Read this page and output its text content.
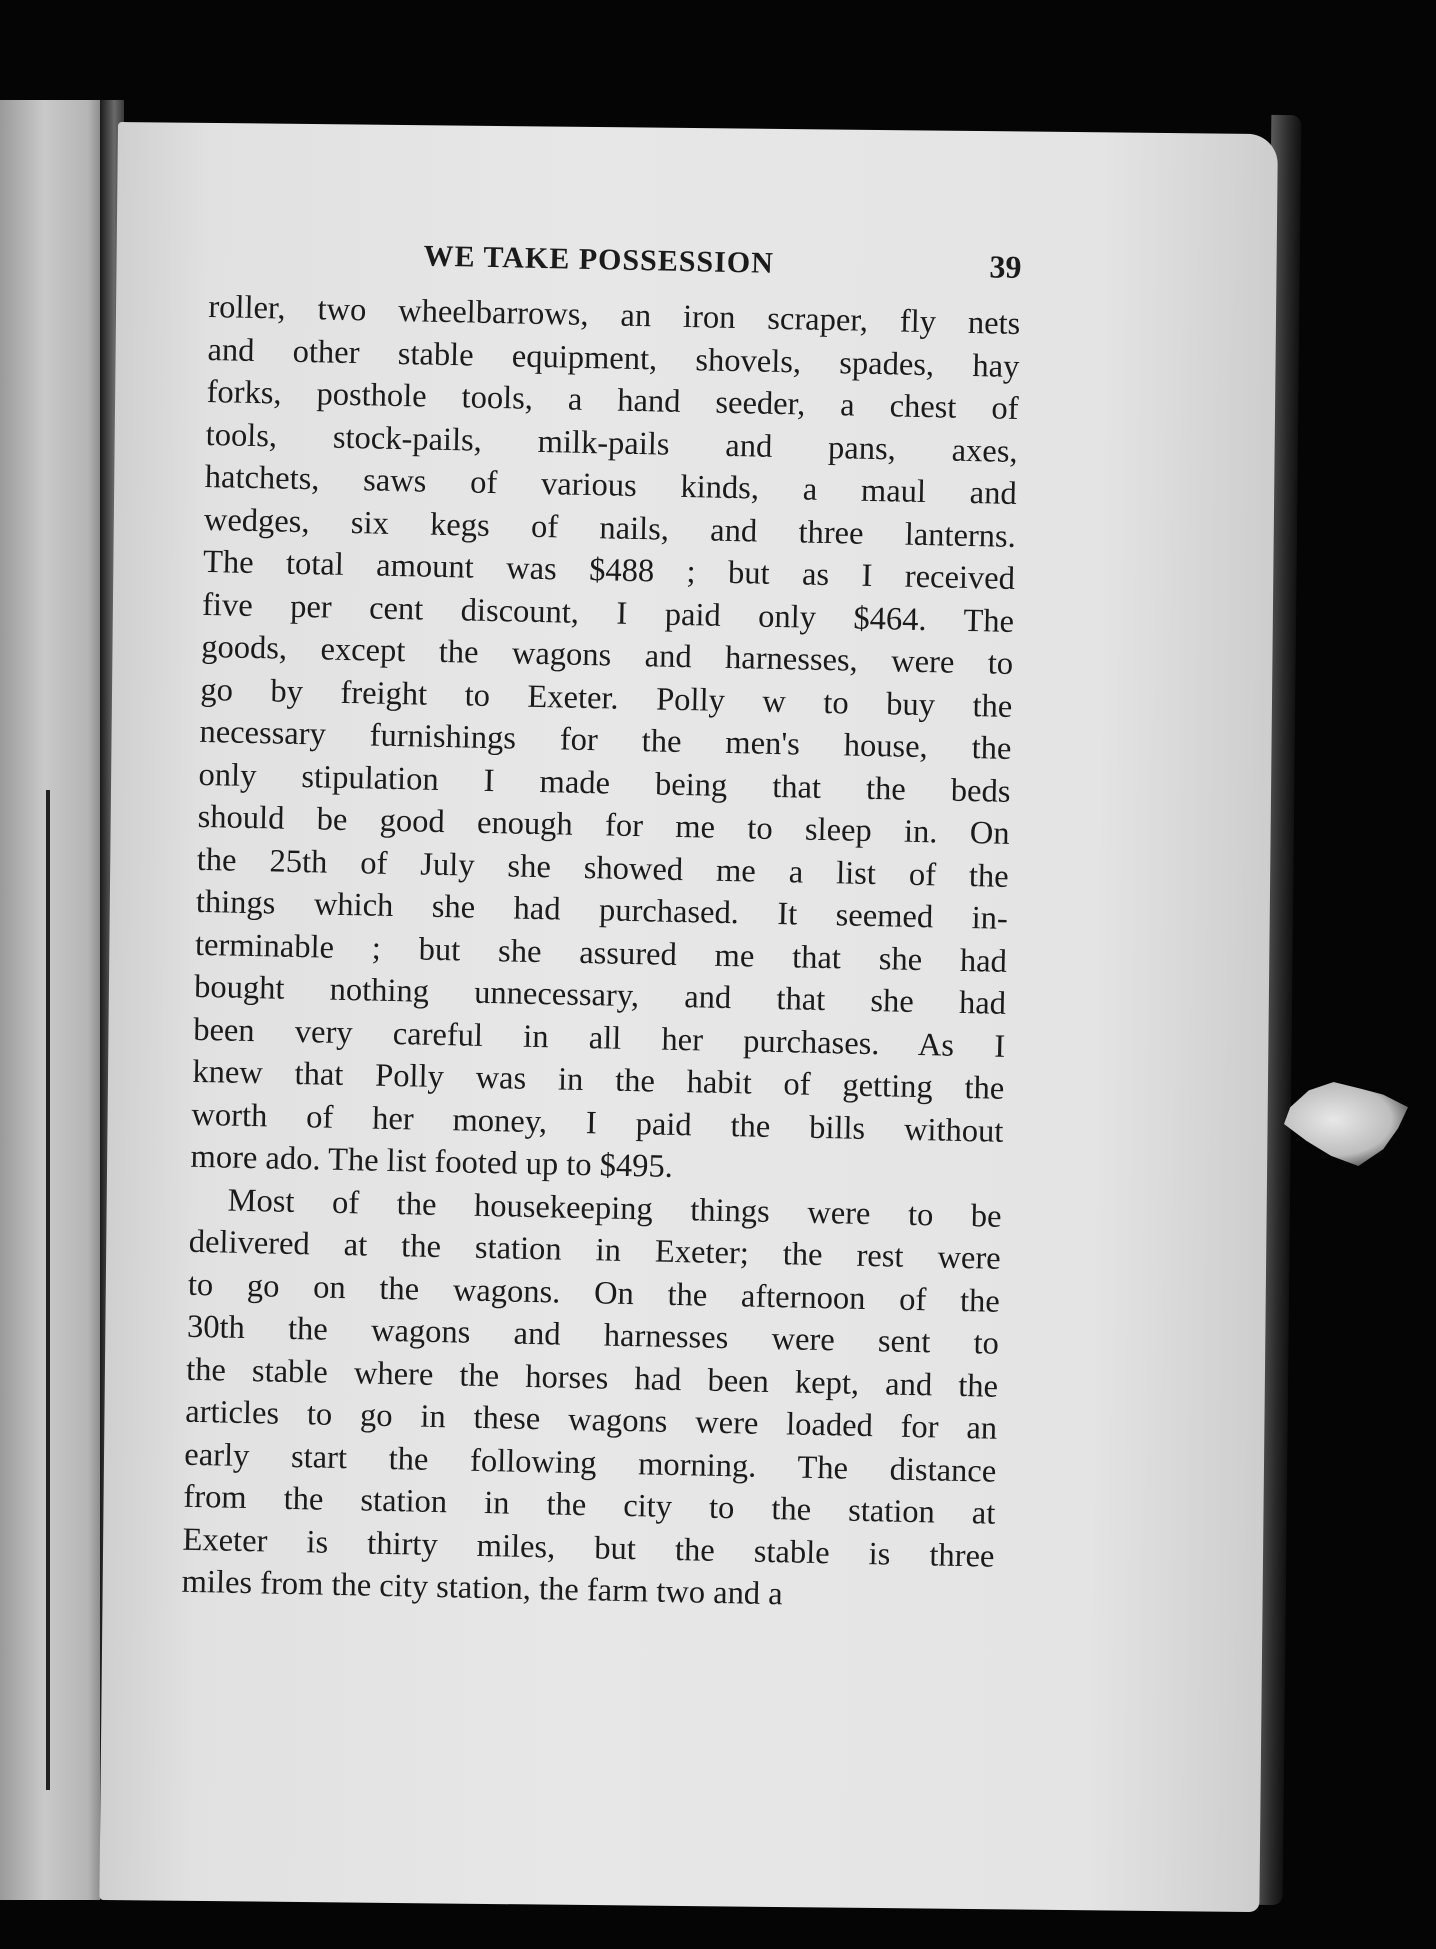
WE TAKE POSSESSION	39

roller, two wheelbarrows, an iron scraper, fly nets
and other stable equipment, shovels, spades, hay
forks, posthole tools, a hand seeder, a chest of
tools, stock-pails, milk-pails and pans, axes,
hatchets, saws of various kinds, a maul and
wedges, six kegs of nails, and three lanterns.
The total amount was $488 ; but as I received
five per cent discount, I paid only $464. The
goods, except the wagons and harnesses, were to
go by freight to Exeter. Polly w to buy the
necessary furnishings for the men's house, the
only stipulation I made being that the beds
should be good enough for me to sleep in. On
the 25th of July she showed me a list of the
things which she had purchased. It seemed in-
terminable ; but she assured me that she had
bought nothing unnecessary, and that she had
been very careful in all her purchases. As I
knew that Polly was in the habit of getting the
worth of her money, I paid the bills without
more ado. The list footed up to $495.

Most of the housekeeping things were to be
delivered at the station in Exeter; the rest were
to go on the wagons. On the afternoon of the
30th the wagons and harnesses were sent to
the stable where the horses had been kept, and the
articles to go in these wagons were loaded for an
early start the following morning. The distance
from the station in the city to the station at
Exeter is thirty miles, but the stable is three
miles from the city station, the farm two and a
